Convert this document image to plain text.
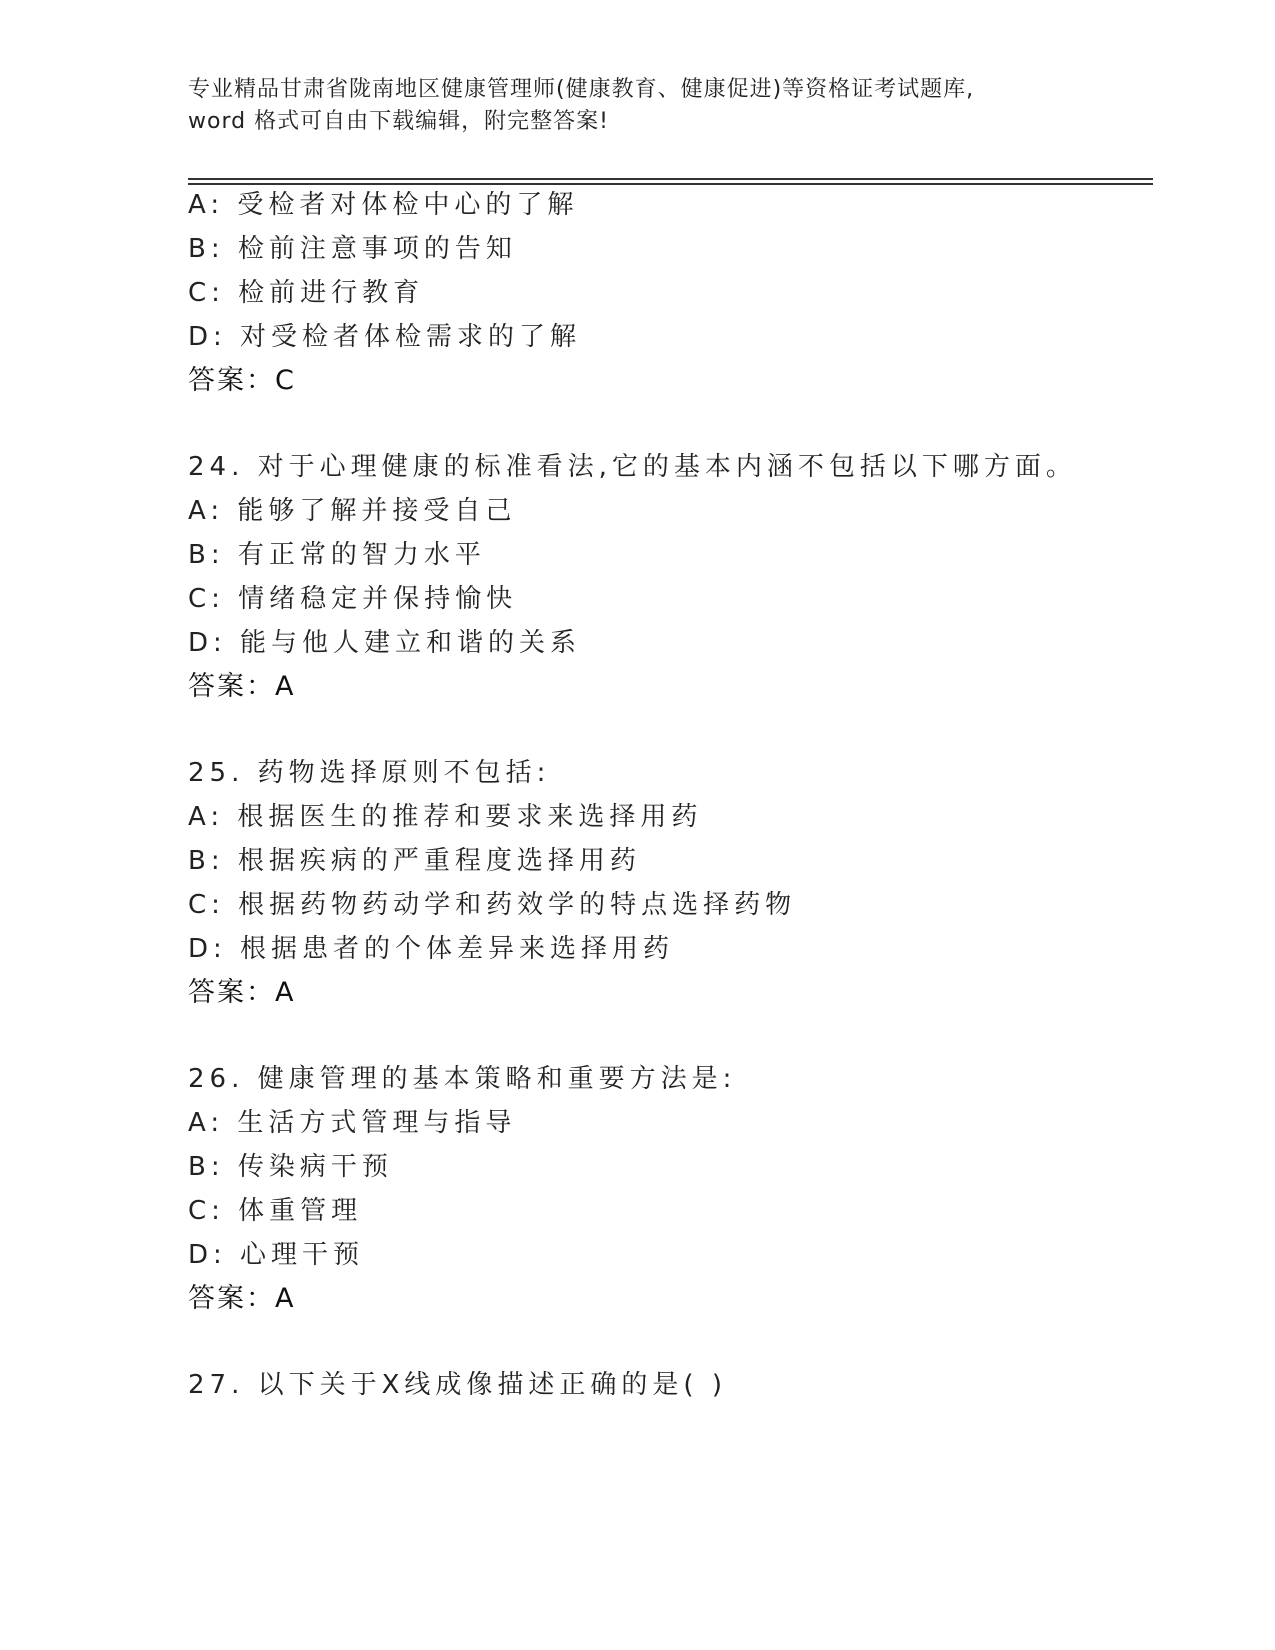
专业精品甘肃省陇南地区健康管理师(健康教育、健康促进)等资格证考试题库,
word 格式可自由下载编辑，附完整答案!
A: 受检者对体检中心的了解
B: 检前注意事项的告知
C: 检前进行教育
D: 对受检者体检需求的了解
答案：C
24. 对于心理健康的标准看法,它的基本内涵不包括以下哪方面。
A: 能够了解并接受自己
B: 有正常的智力水平
C: 情绪稳定并保持愉快
D: 能与他人建立和谐的关系
答案：A
25. 药物选择原则不包括:
A: 根据医生的推荐和要求来选择用药
B: 根据疾病的严重程度选择用药
C: 根据药物药动学和药效学的特点选择药物
D: 根据患者的个体差异来选择用药
答案：A
26. 健康管理的基本策略和重要方法是:
A: 生活方式管理与指导
B: 传染病干预
C: 体重管理
D: 心理干预
答案：A
27. 以下关于X线成像描述正确的是( )
